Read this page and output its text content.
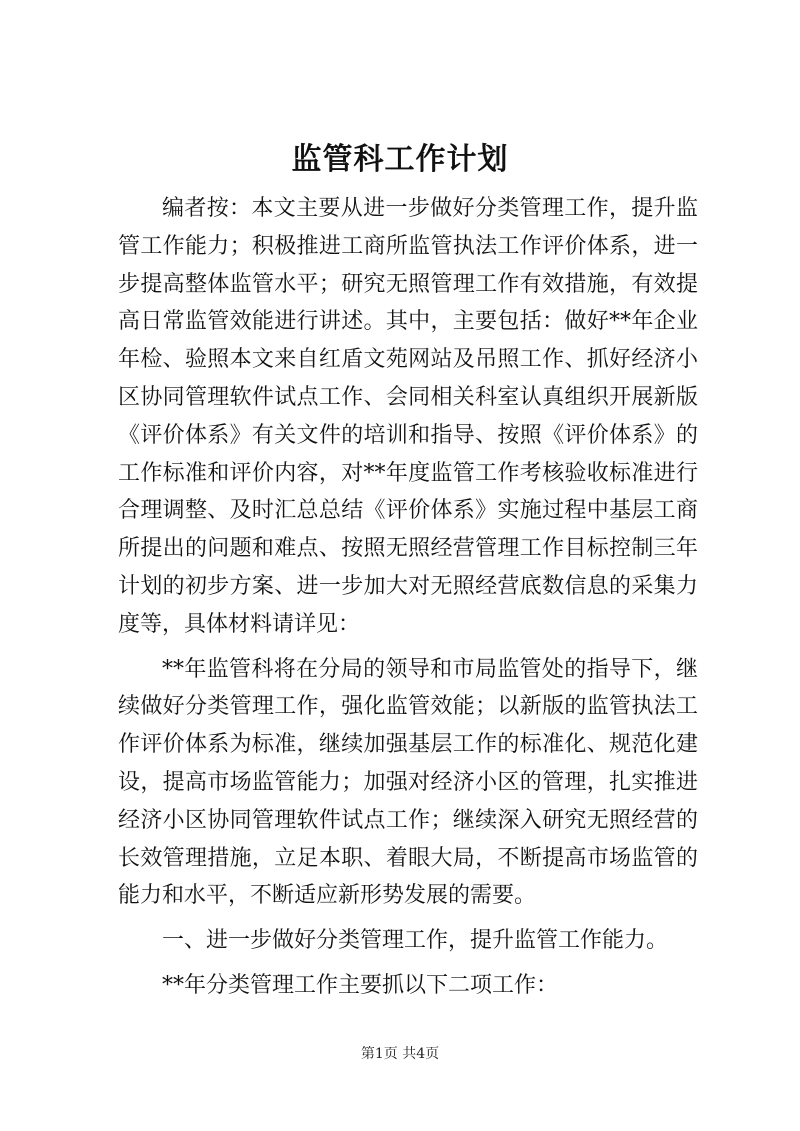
监管科工作计划

编者按：本文主要从进一步做好分类管理工作，提升监管工作能力；积极推进工商所监管执法工作评价体系，进一步提高整体监管水平；研究无照管理工作有效措施，有效提高日常监管效能进行讲述。其中，主要包括：做好**年企业年检、验照本文来自红盾文苑网站及吊照工作、抓好经济小区协同管理软件试点工作、会同相关科室认真组织开展新版《评价体系》有关文件的培训和指导、按照《评价体系》的工作标准和评价内容，对**年度监管工作考核验收标准进行合理调整、及时汇总总结《评价体系》实施过程中基层工商所提出的问题和难点、按照无照经营管理工作目标控制三年计划的初步方案、进一步加大对无照经营底数信息的采集力度等，具体材料请详见：

**年监管科将在分局的领导和市局监管处的指导下，继续做好分类管理工作，强化监管效能；以新版的监管执法工作评价体系为标准，继续加强基层工作的标准化、规范化建设，提高市场监管能力；加强对经济小区的管理，扎实推进经济小区协同管理软件试点工作；继续深入研究无照经营的长效管理措施，立足本职、着眼大局，不断提高市场监管的能力和水平，不断适应新形势发展的需要。

一、进一步做好分类管理工作，提升监管工作能力。

**年分类管理工作主要抓以下二项工作：

第1页 共4页
